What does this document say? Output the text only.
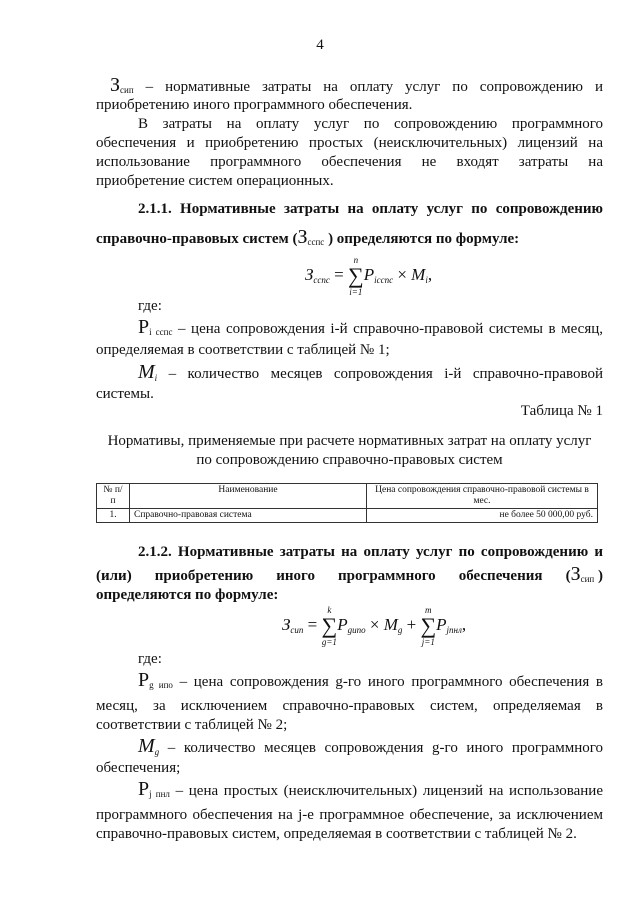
4
$З_{сип}$ – нормативные затраты на оплату услуг по сопровождению и
приобретению иного программного обеспечения.
В затраты на оплату услуг по сопровождению программного
обеспечения и приобретению простых (неисключительных) лицензий на
использование программного обеспечения не входят затраты на
приобретение систем операционных.
2.1.1. Нормативные затраты на оплату услуг по сопровождению
справочно-правовых систем ($З_{сспс}$ ) определяются по формуле:
Зсспс =
n
∑
i=1
Piсспс × Mi,
где:
$Р_{i сспс}$ – цена сопровождения i-й справочно-правовой системы в месяц,
определяемая в соответствии с таблицей № 1;
$M_i$ – количество месяцев сопровождения i-й справочно-правовой
системы.
Таблица № 1
Нормативы, применяемые при расчете нормативных затрат на оплату услуг
по сопровождению справочно-правовых систем
№ п/п	Наименование	Цена сопровождения справочно-правовой системы в мес.
1.	Справочно-правовая система	не более 50 000,00 руб.
2.1.2. Нормативные затраты на оплату услуг по сопровождению и
(или) приобретению иного программного обеспечения ($З_{сип}$ )
определяются по формуле:
Зсип =
k
∑
g=1
Pgипо × Mg +
m
∑
j=1
Pjпнл,
где:
$Р_{g ипо}$ – цена сопровождения g-го иного программного обеспечения в
месяц, за исключением справочно-правовых систем, определяемая в
соответствии с таблицей № 2;
$M_g$ – количество месяцев сопровождения g-го иного программного
обеспечения;
$Р_{j пнл}$ – цена простых (неисключительных) лицензий на использование
программного обеспечения на j-е программное обеспечение, за исключением
справочно-правовых систем, определяемая в соответствии с таблицей № 2.
